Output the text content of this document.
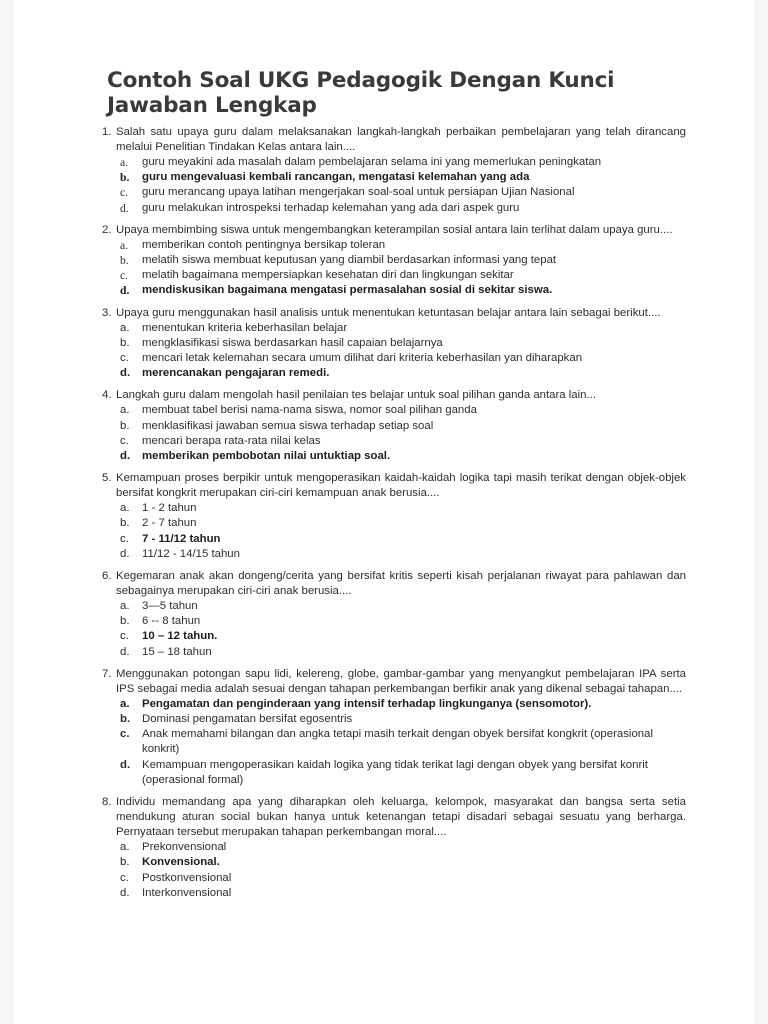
Contoh Soal UKG Pedagogik Dengan Kunci Jawaban Lengkap
1. Salah satu upaya guru dalam melaksanakan langkah-langkah perbaikan pembelajaran yang telah dirancang melalui Penelitian Tindakan Kelas antara lain....
a. guru meyakini ada masalah dalam pembelajaran selama ini yang memerlukan peningkatan
b. guru mengevaluasi kembali rancangan, mengatasi kelemahan yang ada
c. guru merancang upaya latihan mengerjakan soal-soal untuk persiapan Ujian Nasional
d. guru melakukan introspeksi terhadap kelemahan yang ada dari aspek guru
2. Upaya membimbing siswa untuk mengembangkan keterampilan sosial antara lain terlihat dalam upaya guru....
a. memberikan contoh pentingnya bersikap toleran
b. melatih siswa membuat keputusan yang diambil berdasarkan informasi yang tepat
c. melatih bagaimana mempersiapkan kesehatan diri dan lingkungan sekitar
d. mendiskusikan bagaimana mengatasi permasalahan sosial di sekitar siswa.
3. Upaya guru menggunakan hasil analisis untuk menentukan ketuntasan belajar antara lain sebagai berikut....
a. menentukan kriteria keberhasilan belajar
b. mengklasifikasi siswa berdasarkan hasil capaian belajarnya
c. mencari letak kelemahan secara umum dilihat dari kriteria keberhasilan yan diharapkan
d. merencanakan pengajaran remedi.
4. Langkah guru dalam mengolah hasil penilaian tes belajar untuk soal pilihan ganda antara lain...
a. membuat tabel berisi nama-nama siswa, nomor soal pilihan ganda
b. menklasifikasi jawaban semua siswa terhadap setiap soal
c. mencari berapa rata-rata nilai kelas
d. memberikan pembobotan nilai untuktiap soal.
5. Kemampuan proses berpikir untuk mengoperasikan kaidah-kaidah logika tapi masih terikat dengan objek-objek bersifat kongkrit merupakan ciri-ciri kemampuan anak berusia....
a. 1 - 2 tahun
b. 2 - 7 tahun
c. 7 - 11/12 tahun
d. 11/12 - 14/15 tahun
6. Kegemaran anak akan dongeng/cerita yang bersifat kritis seperti kisah perjalanan riwayat para pahlawan dan sebagainya merupakan ciri-ciri anak berusia....
a. 3—5 tahun
b. 6 -- 8 tahun
c. 10 – 12 tahun.
d. 15 – 18 tahun
7. Menggunakan potongan sapu lidi, kelereng, globe, gambar-gambar yang menyangkut pembelajaran IPA serta IPS sebagai media adalah sesuai dengan tahapan perkembangan berfikir anak yang dikenal sebagai tahapan....
a. Pengamatan dan penginderaan yang intensif terhadap lingkunganya (sensomotor).
b. Dominasi pengamatan bersifat egosentris
c. Anak memahami bilangan dan angka tetapi masih terkait dengan obyek bersifat kongkrit (operasional konkrit)
d. Kemampuan mengoperasikan kaidah logika yang tidak terikat lagi dengan obyek yang bersifat konrit (operasional formal)
8. Individu memandang apa yang diharapkan oleh keluarga, kelompok, masyarakat dan bangsa serta setia mendukung aturan social bukan hanya untuk ketenangan tetapi disadari sebagai sesuatu yang berharga. Pernyataan tersebut merupakan tahapan perkembangan moral....
a. Prekonvensional
b. Konvensional.
c. Postkonvensional
d. Interkonvensional
